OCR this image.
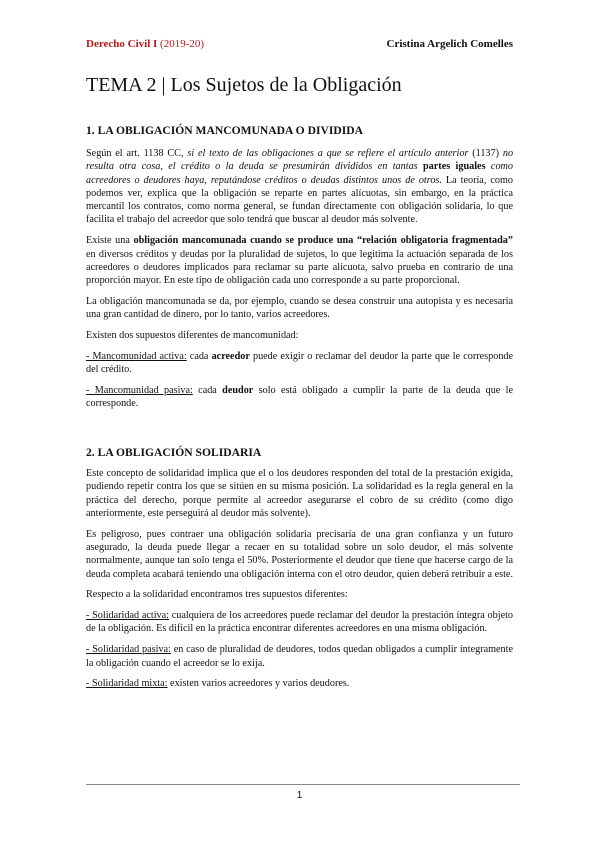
Derecho Civil I (2019-20)	Cristina Argelich Comelles
TEMA 2 | Los Sujetos de la Obligación
1. LA OBLIGACIÓN MANCOMUNADA O DIVIDIDA

Según el art. 1138 CC, si el texto de las obligaciones a que se refiere el artículo anterior (1137) no resulta otra cosa, el crédito o la deuda se presumirán divididos en tantas partes iguales como acreedores o deudores haya, reputándose créditos o deudas distintos unos de otros. La teoría, como podemos ver, explica que la obligación se reparte en partes alícuotas, sin embargo, en la práctica mercantil los contratos, como norma general, se fundan directamente con obligación solidaria, lo que facilita el trabajo del acreedor que solo tendrá que buscar al deudor más solvente.

Existe una obligación mancomunada cuando se produce una “relación obligatoria fragmentada” en diversos créditos y deudas por la pluralidad de sujetos, lo que legitima la actuación separada de los acreedores o deudores implicados para reclamar su parte alícuota, salvo prueba en contrario de una proporción mayor. En este tipo de obligación cada uno corresponde a su parte proporcional.

La obligación mancomunada se da, por ejemplo, cuando se desea construir una autopista y es necesaria una gran cantidad de dinero, por lo tanto, varios acreedores.

Existen dos supuestos diferentes de mancomunidad:

- Mancomunidad activa: cada acreedor puede exigir o reclamar del deudor la parte que le corresponde del crédito.

- Mancomunidad pasiva: cada deudor solo está obligado a cumplir la parte de la deuda que le corresponde.

2. LA OBLIGACIÓN SOLIDARIA

Este concepto de solidaridad implica que el o los deudores responden del total de la prestación exigida, pudiendo repetir contra los que se sitúen en su misma posición. La solidaridad es la regla general en la práctica del derecho, porque permite al acreedor asegurarse el cobro de su crédito (como digo anteriormente, este perseguirá al deudor más solvente).

Es peligroso, pues contraer una obligación solidaria precisaría de una gran confianza y un futuro asegurado, la deuda puede llegar a recaer en su totalidad sobre un solo deudor, el más solvente normalmente, aunque tan solo tenga el 50%. Posteriormente el deudor que tiene que hacerse cargo de la deuda completa acabará teniendo una obligación interna con el otro deudor, quien deberá retribuir a este.

Respecto a la solidaridad encontramos tres supuestos diferentes:

- Solidaridad activa: cualquiera de los acreedores puede reclamar del deudor la prestación íntegra objeto de la obligación. Es difícil en la práctica encontrar diferentes acreedores en una misma obligación.

- Solidaridad pasiva: en caso de pluralidad de deudores, todos quedan obligados a cumplir íntegramente la obligación cuando el acreedor se lo exija.

- Solidaridad mixta: existen varios acreedores y varios deudores.

1
